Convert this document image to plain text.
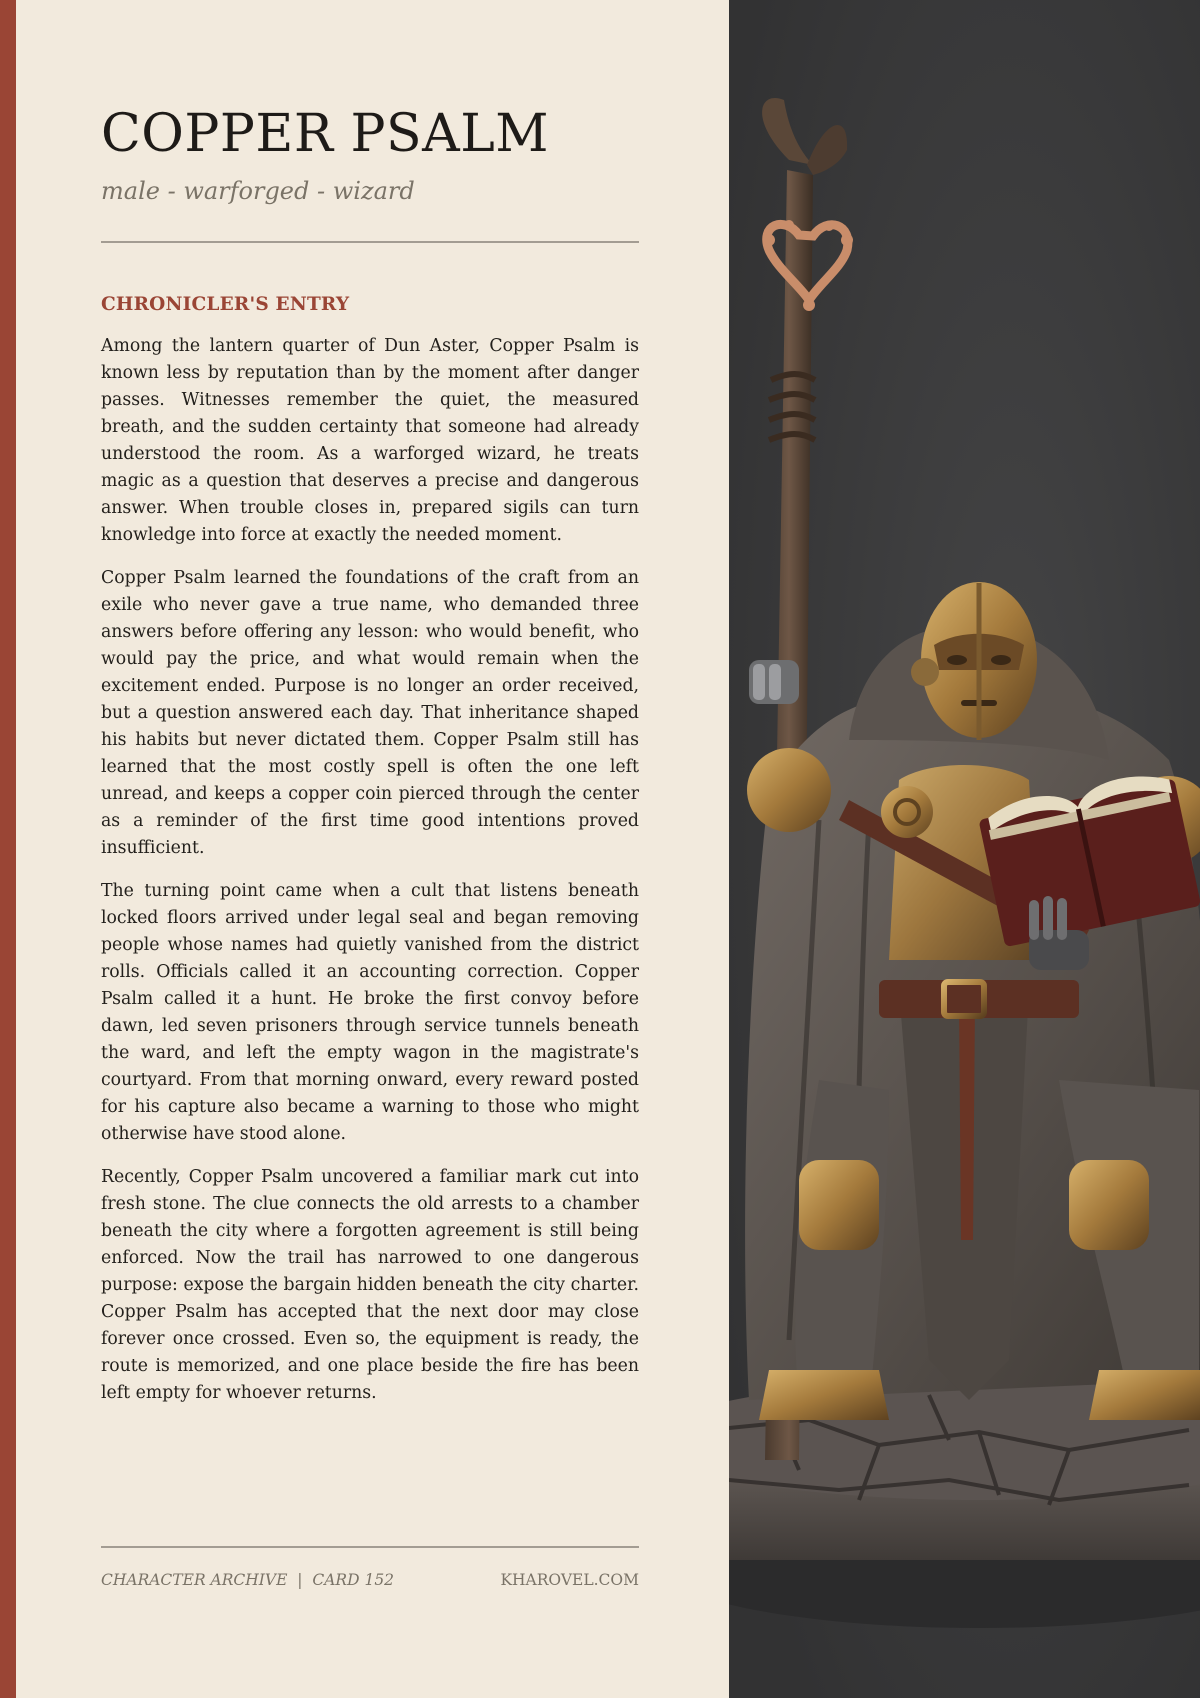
COPPER PSALM
male - warforged - wizard
CHRONICLER'S ENTRY

Among the lantern quarter of Dun Aster, Copper Psalm is known less by reputation than by the moment after danger passes. Witnesses remember the quiet, the measured breath, and the sudden certainty that someone had already understood the room. As a warforged wizard, he treats magic as a question that deserves a precise and dangerous answer. When trouble closes in, prepared sigils can turn knowledge into force at exactly the needed moment.

Copper Psalm learned the foundations of the craft from an exile who never gave a true name, who demanded three answers before offering any lesson: who would benefit, who would pay the price, and what would remain when the excitement ended. Purpose is no longer an order received, but a question answered each day. That inheritance shaped his habits but never dictated them. Copper Psalm still has learned that the most costly spell is often the one left unread, and keeps a copper coin pierced through the center as a reminder of the first time good intentions proved insufficient.

The turning point came when a cult that listens beneath locked floors arrived under legal seal and began removing people whose names had quietly vanished from the district rolls. Officials called it an accounting correction. Copper Psalm called it a hunt. He broke the first convoy before dawn, led seven prisoners through service tunnels beneath the ward, and left the empty wagon in the magistrate's courtyard. From that morning onward, every reward posted for his capture also became a warning to those who might otherwise have stood alone.

Recently, Copper Psalm uncovered a familiar mark cut into fresh stone. The clue connects the old arrests to a chamber beneath the city where a forgotten agreement is still being enforced. Now the trail has narrowed to one dangerous purpose: expose the bargain hidden beneath the city charter. Copper Psalm has accepted that the next door may close forever once crossed. Even so, the equipment is ready, the route is memorized, and one place beside the fire has been left empty for whoever returns.

CHARACTER ARCHIVE | CARD 152	KHAROVEL.COM
